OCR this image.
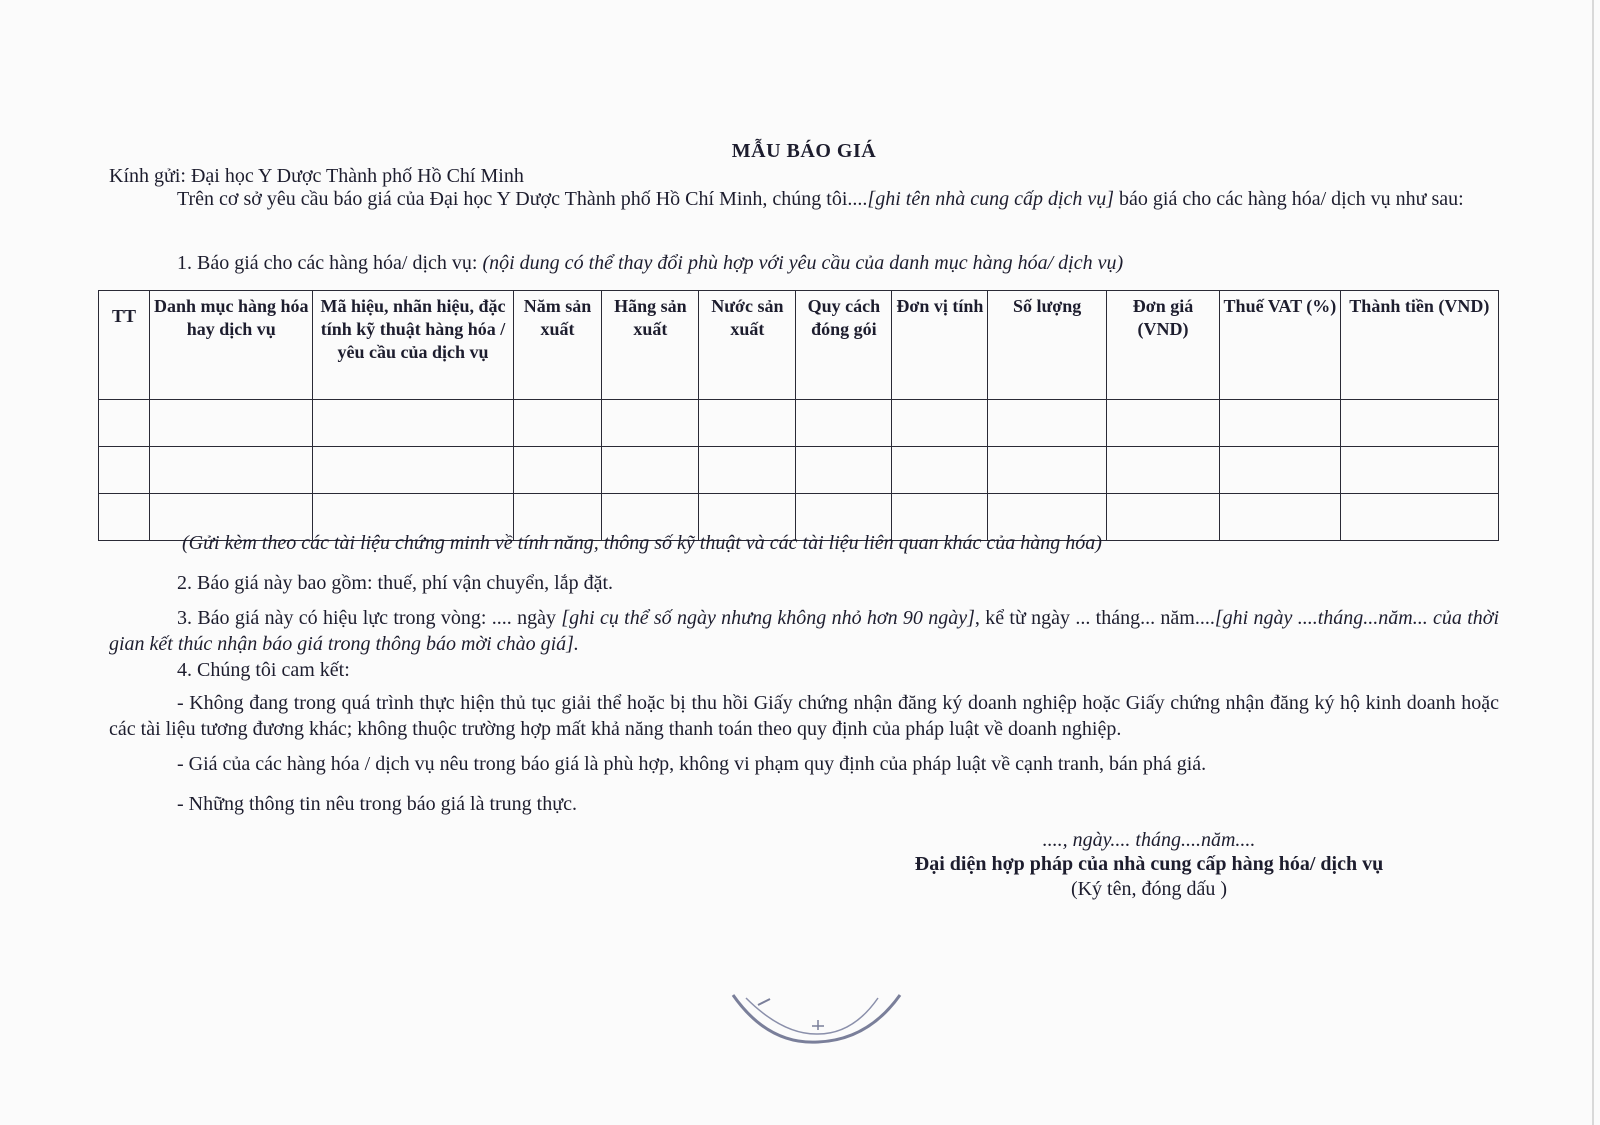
MẪU BÁO GIÁ

Kính gửi: Đại học Y Dược Thành phố Hồ Chí Minh

Trên cơ sở yêu cầu báo giá của Đại học Y Dược Thành phố Hồ Chí Minh, chúng tôi....[ghi tên nhà cung cấp dịch vụ] báo giá cho các hàng hóa/ dịch vụ như sau:

1. Báo giá cho các hàng hóa/ dịch vụ: (nội dung có thể thay đổi phù hợp với yêu cầu của danh mục hàng hóa/ dịch vụ)

TT	Danh mục hàng hóa hay dịch vụ	Mã hiệu, nhãn hiệu, đặc tính kỹ thuật hàng hóa / yêu cầu của dịch vụ	Năm sản xuất	Hãng sản xuất	Nước sản xuất	Quy cách đóng gói	Đơn vị tính	Số lượng	Đơn giá (VND)	Thuế VAT (%)	Thành tiền (VND)

(Gửi kèm theo các tài liệu chứng minh về tính năng, thông số kỹ thuật và các tài liệu liên quan khác của hàng hóa)

2. Báo giá này bao gồm: thuế, phí vận chuyển, lắp đặt.

3. Báo giá này có hiệu lực trong vòng: .... ngày [ghi cụ thể số ngày nhưng không nhỏ hơn 90 ngày], kể từ ngày ... tháng... năm....[ghi ngày ....tháng...năm... của thời gian kết thúc nhận báo giá trong thông báo mời chào giá].

4. Chúng tôi cam kết:

- Không đang trong quá trình thực hiện thủ tục giải thể hoặc bị thu hồi Giấy chứng nhận đăng ký doanh nghiệp hoặc Giấy chứng nhận đăng ký hộ kinh doanh hoặc các tài liệu tương đương khác; không thuộc trường hợp mất khả năng thanh toán theo quy định của pháp luật về doanh nghiệp.

- Giá của các hàng hóa / dịch vụ nêu trong báo giá là phù hợp, không vi phạm quy định của pháp luật về cạnh tranh, bán phá giá.

- Những thông tin nêu trong báo giá là trung thực.

...., ngày.... tháng....năm....
Đại diện hợp pháp của nhà cung cấp hàng hóa/ dịch vụ
(Ký tên, đóng dấu )
